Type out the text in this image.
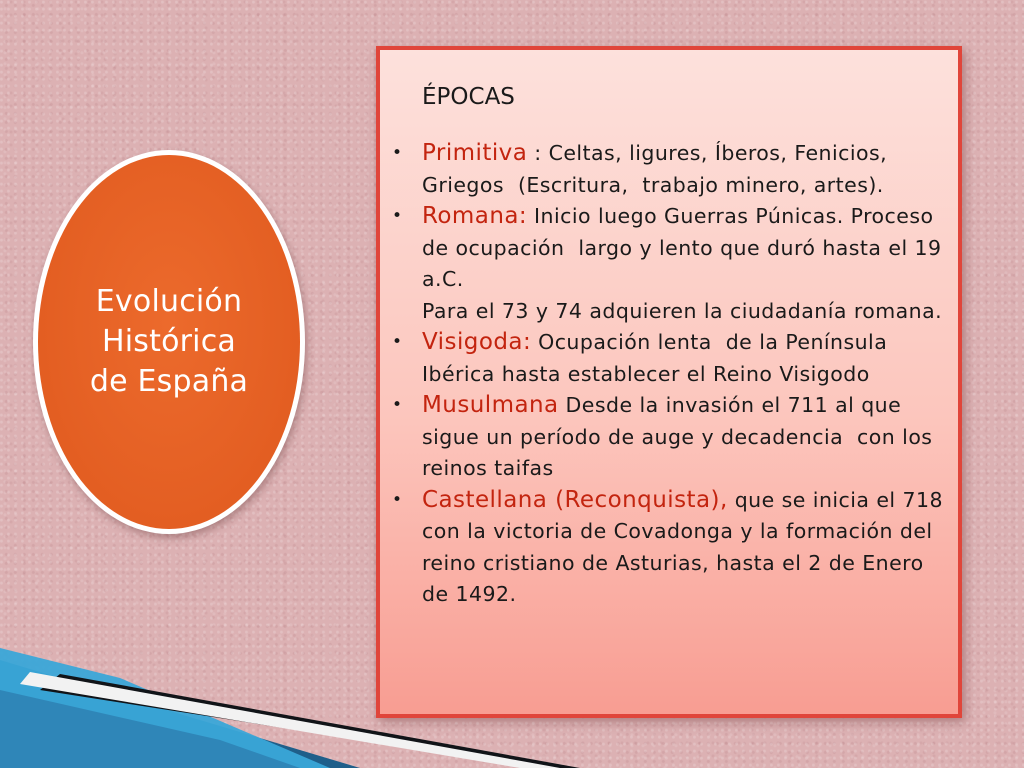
Evolución
Histórica
de España
ÉPOCAS
• Primitiva : Celtas, ligures, Íberos, Fenicios, Griegos  (Escritura,  trabajo minero, artes).
• Romana: Inicio luego Guerras Púnicas. Proceso de ocupación  largo y lento que duró hasta el 19 a.C.
Para el 73 y 74 adquieren la ciudadanía romana.
• Visigoda: Ocupación lenta  de la Península Ibérica hasta establecer el Reino Visigodo
• Musulmana Desde la invasión el 711 al que sigue un período de auge y decadencia  con los reinos taifas
• Castellana (Reconquista), que se inicia el 718 con la victoria de Covadonga y la formación del reino cristiano de Asturias, hasta el 2 de Enero de 1492.
